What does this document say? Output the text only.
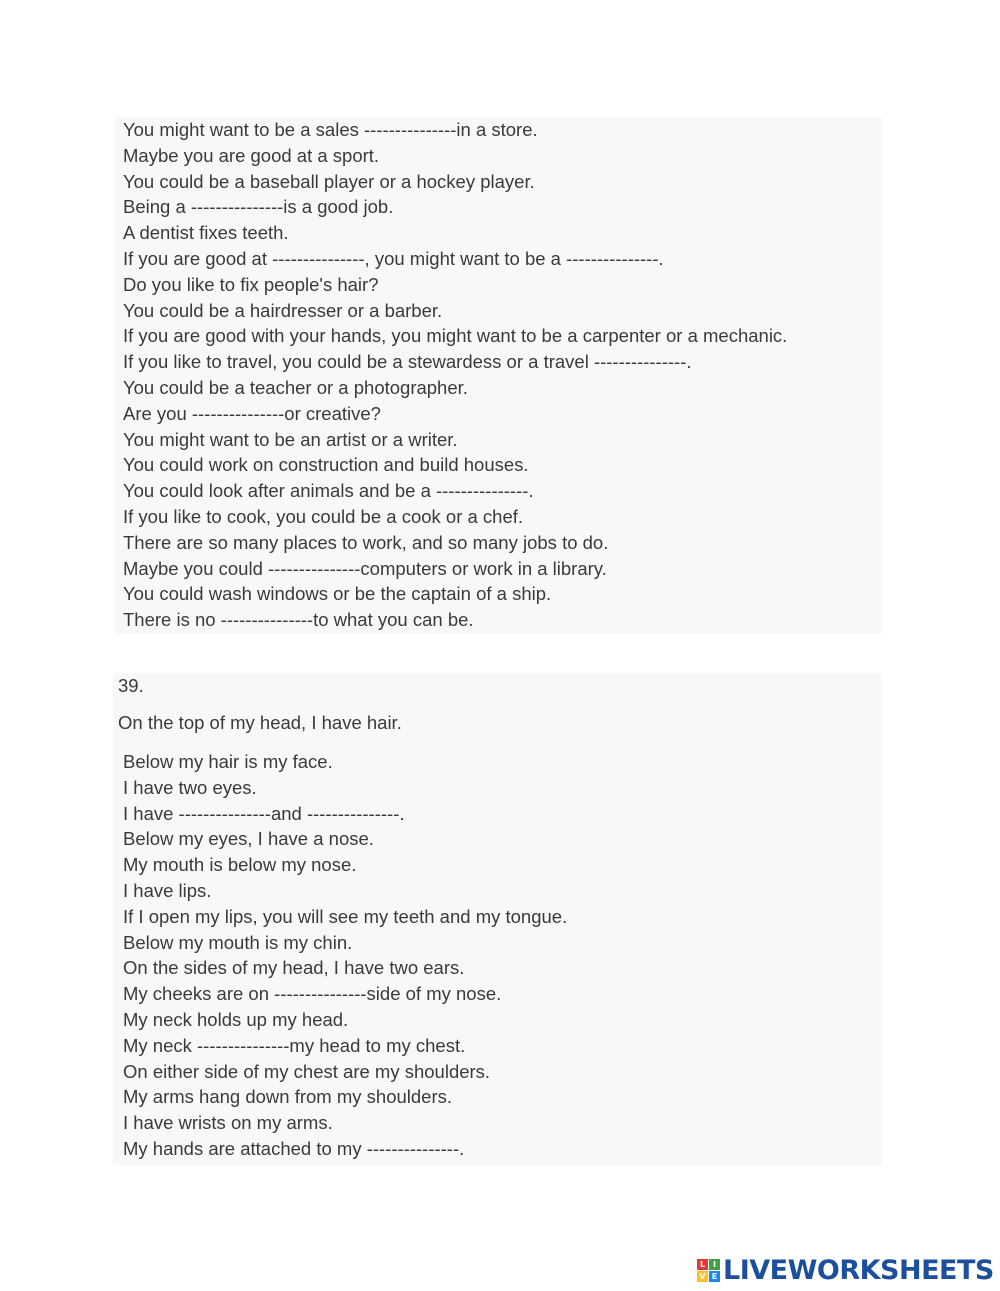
You might want to be a sales ---------------in a store.
Maybe you are good at a sport.
You could be a baseball player or a hockey player.
Being a ---------------is a good job.
A dentist fixes teeth.
If you are good at ---------------, you might want to be a ---------------.
Do you like to fix people's hair?
You could be a hairdresser or a barber.
If you are good with your hands, you might want to be a carpenter or a mechanic.
If you like to travel, you could be a stewardess or a travel ---------------.
You could be a teacher or a photographer.
Are you ---------------or creative?
You might want to be an artist or a writer.
You could work on construction and build houses.
You could look after animals and be a ---------------.
If you like to cook, you could be a cook or a chef.
There are so many places to work, and so many jobs to do.
Maybe you could ---------------computers or work in a library.
You could wash windows or be the captain of a ship.
There is no ---------------to what you can be.
39.
On the top of my head, I have hair.
Below my hair is my face.
I have two eyes.
I have ---------------and ---------------.
Below my eyes, I have a nose.
My mouth is below my nose.
I have lips.
If I open my lips, you will see my teeth and my tongue.
Below my mouth is my chin.
On the sides of my head, I have two ears.
My cheeks are on ---------------side of my nose.
My neck holds up my head.
My neck ---------------my head to my chest.
On either side of my chest are my shoulders.
My arms hang down from my shoulders.
I have wrists on my arms.
My hands are attached to my ---------------.
L I
V E LIVEWORKSHEETS
